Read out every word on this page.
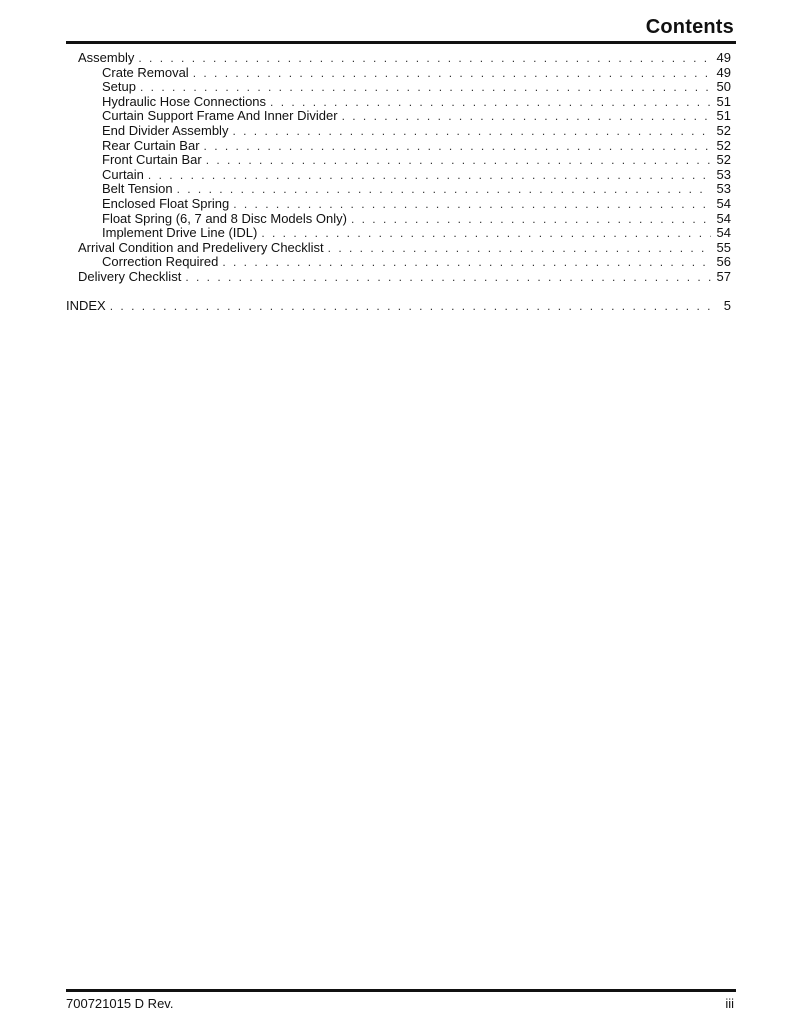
Contents
Assembly . . .	49
Crate Removal . . .	49
Setup . . .	50
Hydraulic Hose Connections . . .	51
Curtain Support Frame And Inner Divider . . .	51
End Divider Assembly . . .	52
Rear Curtain Bar . . .	52
Front Curtain Bar . . .	52
Curtain . . .	53
Belt Tension . . .	53
Enclosed Float Spring . . .	54
Float Spring (6, 7 and 8 Disc Models Only) . . .	54
Implement Drive Line (IDL) . . .	54
Arrival Condition and Predelivery Checklist . . .	55
Correction Required . . .	56
Delivery Checklist . . .	57
INDEX . . .	5
700721015 D Rev.	iii
